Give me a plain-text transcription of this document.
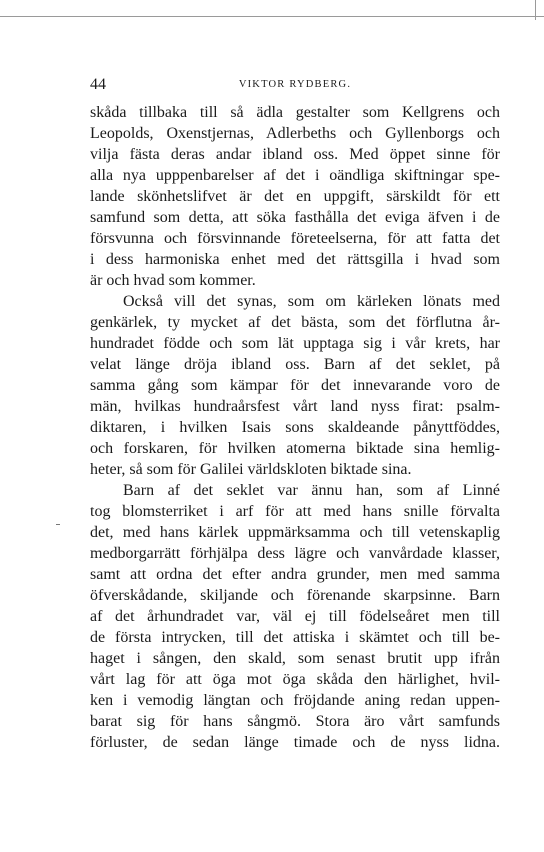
44	VIKTOR RYDBERG.
skåda tillbaka till så ädla gestalter som Kellgrens och
Leopolds, Oxenstjernas, Adlerbeths och Gyllenborgs och
vilja fästa deras andar ibland oss. Med öppet sinne för
alla nya upppenbarelser af det i oändliga skiftningar spe-
lande skönhetslifvet är det en uppgift, särskildt för ett
samfund som detta, att söka fasthålla det eviga äfven i de
försvunna och försvinnande företeelserna, för att fatta det
i dess harmoniska enhet med det rättsgilla i hvad som
är och hvad som kommer.
Också vill det synas, som om kärleken lönats med
genkärlek, ty mycket af det bästa, som det förflutna år-
hundradet födde och som lät upptaga sig i vår krets, har
velat länge dröja ibland oss. Barn af det seklet, på
samma gång som kämpar för det innevarande voro de
män, hvilkas hundraårsfest vårt land nyss firat: psalm-
diktaren, i hvilken Isais sons skaldeande pånyttföddes,
och forskaren, för hvilken atomerna biktade sina hemlig-
heter, så som för Galilei världskloten biktade sina.
Barn af det seklet var ännu han, som af Linné
tog blomsterriket i arf för att med hans snille förvalta
det, med hans kärlek uppmärksamma och till vetenskaplig
medborgarrätt förhjälpa dess lägre och vanvårdade klasser,
samt att ordna det efter andra grunder, men med samma
öfverskådande, skiljande och förenande skarpsinne. Barn
af det århundradet var, väl ej till födelseåret men till
de första intrycken, till det attiska i skämtet och till be-
haget i sången, den skald, som senast brutit upp ifrån
vårt lag för att öga mot öga skåda den härlighet, hvil-
ken i vemodig längtan och fröjdande aning redan uppen-
barat sig för hans sångmö. Stora äro vårt samfunds
förluster, de sedan länge timade och de nyss lidna.
